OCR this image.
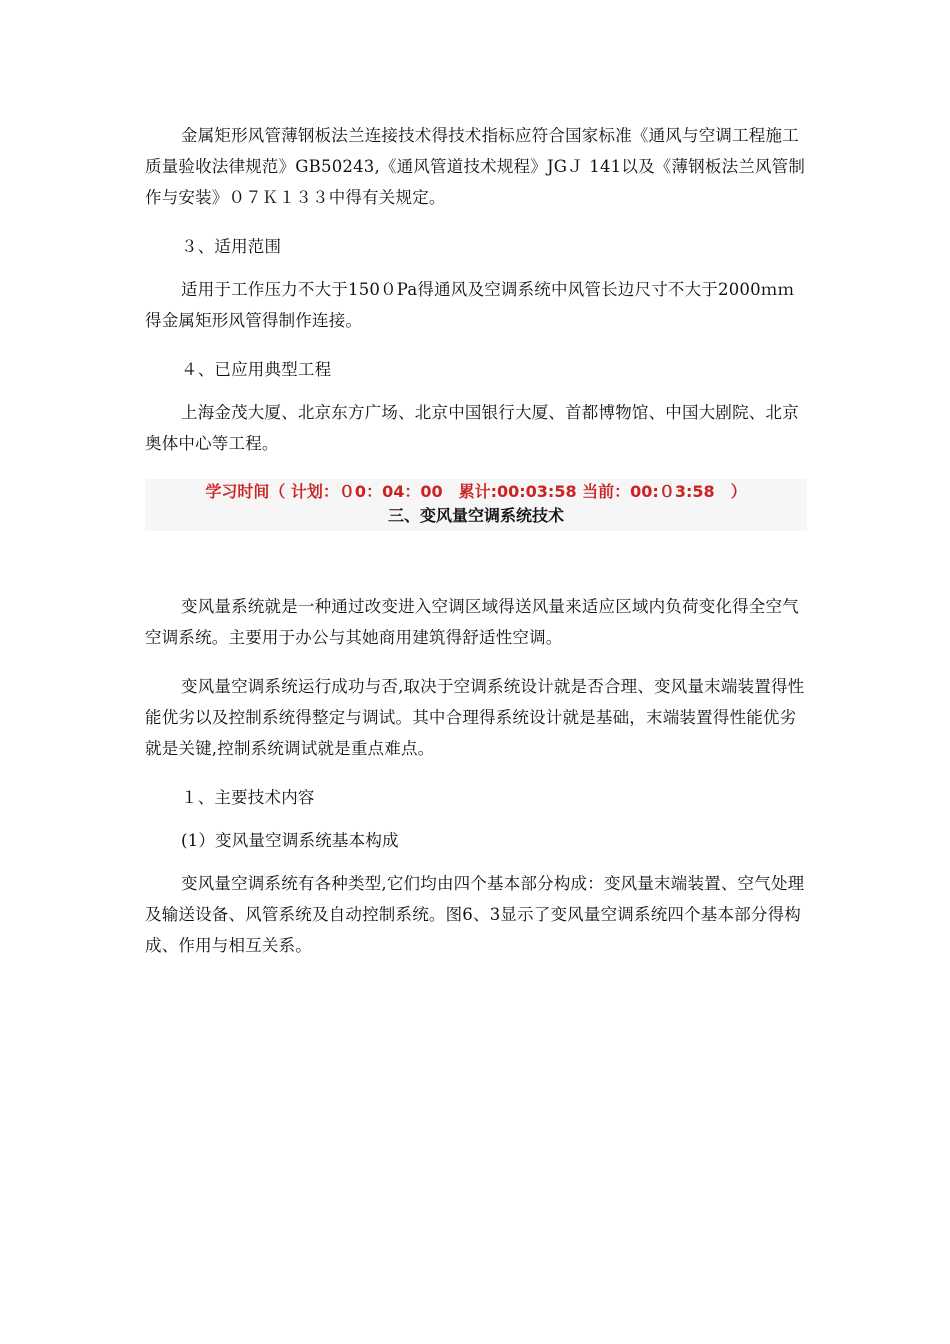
金属矩形风管薄钢板法兰连接技术得技术指标应符合国家标准《通风与空调工程施工质量验收法律规范》GB50243,《通风管道技术规程》JGＪ 141以及《薄钢板法兰风管制作与安装》０７Ｋ１３３中得有关规定。

３、适用范围

适用于工作压力不大于150０Pa得通风及空调系统中风管长边尺寸不大于2000ｍｍ得金属矩形风管得制作连接。

４、已应用典型工程

上海金茂大厦、北京东方广场、北京中国银行大厦、首都博物馆、中国大剧院、北京奥体中心等工程。

学习时间（ 计划：０0：04：00　累计:00:03:58 当前：00:０3:58　）
三、变风量空调系统技术

变风量系统就是一种通过改变进入空调区域得送风量来适应区域内负荷变化得全空气空调系统。主要用于办公与其她商用建筑得舒适性空调。

变风量空调系统运行成功与否,取决于空调系统设计就是否合理、变风量末端装置得性能优劣以及控制系统得整定与调试。其中合理得系统设计就是基础，末端装置得性能优劣就是关键,控制系统调试就是重点难点。

１、主要技术内容

(1）变风量空调系统基本构成

变风量空调系统有各种类型,它们均由四个基本部分构成：变风量末端装置、空气处理及输送设备、风管系统及自动控制系统。图6、3显示了变风量空调系统四个基本部分得构成、作用与相互关系。
